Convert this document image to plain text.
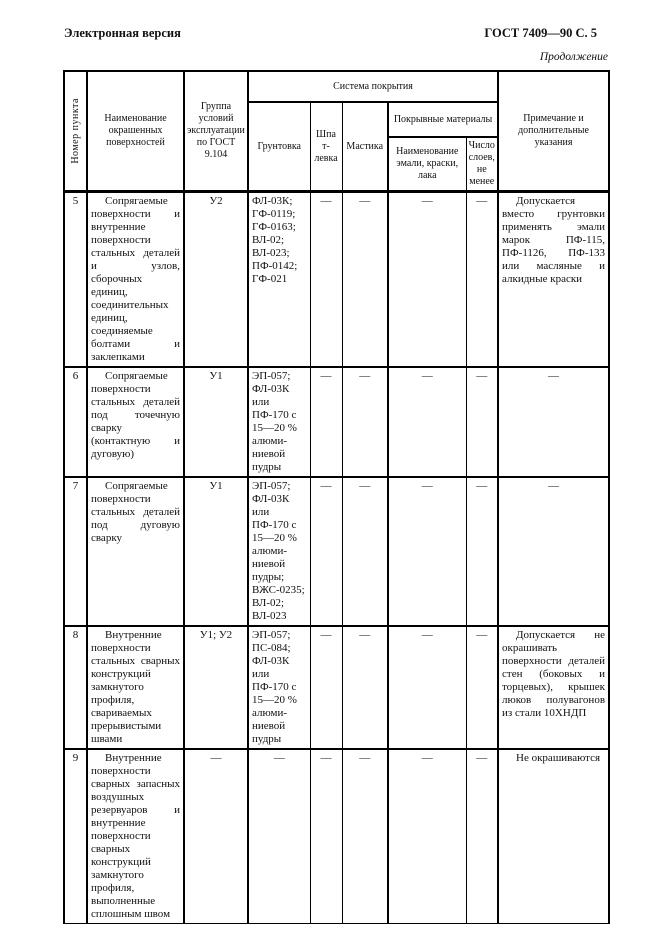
Электронная версия	ГОСТ 7409—90 С. 5
Продолжение
Номер пункта	Наименование окрашенных поверхностей	Группа условий эксплуатации по ГОСТ 9.104	Система покрытия					Примечание и дополнительные указания
			Грунтовка	Шпатлевка	Мастика	Покрывные материалы		
						Наименование эмали, краски, лака	Число слоев, не менее	
5	Сопрягаемые поверхности и внутренние поверхности стальных деталей и узлов, сборочных единиц, соединительных единиц, соединяемые болтами и заклепками	У2	ФЛ-03К; ГФ-0119; ГФ-0163; ВЛ-02; ВЛ-023; ПФ-0142; ГФ-021	—	—	—	—	Допускается вместо грунтовки применять эмали марок ПФ-115, ПФ-1126, ПФ-133 или масляные и алкидные краски
6	Сопрягаемые поверхности стальных деталей под точечную сварку (контактную и дуговую)	У1	ЭП-057; ФЛ-03К или ПФ-170 с 15—20 % алюминиевой пудры	—	—	—	—	—
7	Сопрягаемые поверхности стальных деталей под дуговую сварку	У1	ЭП-057; ФЛ-03К или ПФ-170 с 15—20 % алюминиевой пудры; ВЖС-0235; ВЛ-02; ВЛ-023	—	—	—	—	—
8	Внутренние поверхности стальных сварных конструкций замкнутого профиля, свариваемых прерывистыми швами	У1; У2	ЭП-057; ПС-084; ФЛ-03К или ПФ-170 с 15—20 % алюминиевой пудры	—	—	—	—	Допускается не окрашивать поверхности деталей стен (боковых и торцевых), крышек люков полувагонов из стали 10ХНДП
9	Внутренние поверхности сварных запасных воздушных резервуаров и внутренние поверхности сварных конструкций замкнутого профиля, выполненные сплошным швом	—	—	—	—	—	—	Не окрашиваются
